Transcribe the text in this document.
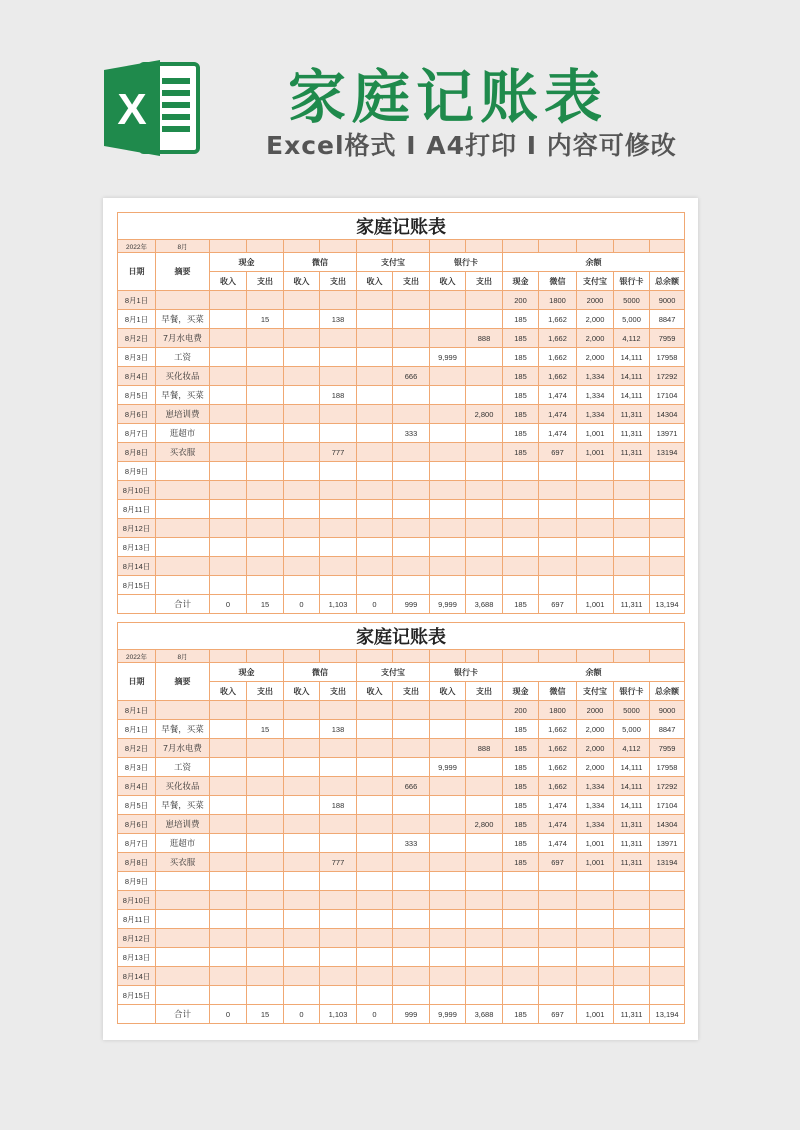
X 家庭记账表
Excel格式 I A4打印 I 内容可修改
家庭记账表														
2022年	8月													
日期	摘要	现金		微信		支付宝		银行卡		余额				
		收入	支出	收入	支出	收入	支出	收入	支出	现金	微信	支付宝	银行卡	总余额
8月1日										200	1800	2000	5000	9000
8月1日	早餐，买菜		15		138					185	1,662	2,000	5,000	8847
8月2日	7月水电费								888	185	1,662	2,000	4,112	7959
8月3日	工资							9,999		185	1,662	2,000	14,111	17958
8月4日	买化妆品						666			185	1,662	1,334	14,111	17292
8月5日	早餐，买菜				188					185	1,474	1,334	14,111	17104
8月6日	崽培训费								2,800	185	1,474	1,334	11,311	14304
8月7日	逛超市						333			185	1,474	1,001	11,311	13971
8月8日	买衣服				777					185	697	1,001	11,311	13194
8月9日														
8月10日														
8月11日														
8月12日														
8月13日														
8月14日														
8月15日														
	合计	0	15	0	1,103	0	999	9,999	3,688	185	697	1,001	11,311	13,194
家庭记账表														
2022年	8月													
日期	摘要	现金		微信		支付宝		银行卡		余额				
		收入	支出	收入	支出	收入	支出	收入	支出	现金	微信	支付宝	银行卡	总余额
8月1日										200	1800	2000	5000	9000
8月1日	早餐，买菜		15		138					185	1,662	2,000	5,000	8847
8月2日	7月水电费								888	185	1,662	2,000	4,112	7959
8月3日	工资							9,999		185	1,662	2,000	14,111	17958
8月4日	买化妆品						666			185	1,662	1,334	14,111	17292
8月5日	早餐，买菜				188					185	1,474	1,334	14,111	17104
8月6日	崽培训费								2,800	185	1,474	1,334	11,311	14304
8月7日	逛超市						333			185	1,474	1,001	11,311	13971
8月8日	买衣服				777					185	697	1,001	11,311	13194
8月9日														
8月10日														
8月11日														
8月12日														
8月13日														
8月14日														
8月15日														
	合计	0	15	0	1,103	0	999	9,999	3,688	185	697	1,001	11,311	13,194
